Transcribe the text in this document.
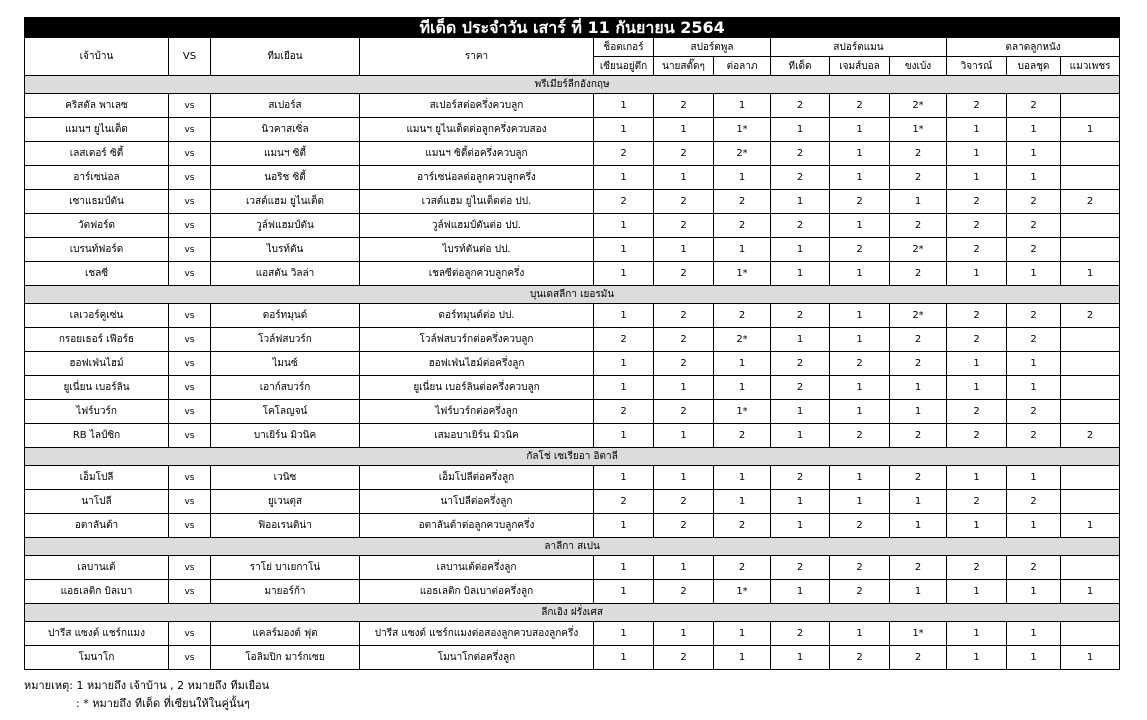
ทีเด็ด ประจำวัน เสาร์ ที่ 11 กันยายน 2564												
เจ้าบ้าน	VS	ทีมเยือน	ราคา	ช็อตเกอร์	สปอร์ตพูล		สปอร์ตแมน			ตลาดลูกหนัง		
				เซียนอยู่ตึก	นายสตั๊ดๆ	ต่อลาภ	ทีเด็ด	เจมส์บอล	ขงเบ้ง	วิจารณ์	บอลชุด	แมวเพชร
พรีเมียร์ลีกอังกฤษ												
คริสตัล พาเลซ	vs	สเปอร์ส	สเปอร์สต่อครึ่งควบลูก	1	2	1	2	2	2*	2	2	
แมนฯ ยูไนเต็ด	vs	นิวคาสเซิ่ล	แมนฯ ยูไนเต็ดต่อลูกครึ่งควบสอง	1	1	1*	1	1	1*	1	1	1
เลสเตอร์ ซิตี้	vs	แมนฯ ซิตี้	แมนฯ ซิตี้ต่อครึ่งควบลูก	2	2	2*	2	1	2	1	1	
อาร์เซน่อล	vs	นอริช ซิตี้	อาร์เซน่อลต่อลูกควบลูกครึ่ง	1	1	1	2	1	2	1	1	
เซาแธมป์ตัน	vs	เวสต์แฮม ยูไนเต็ด	เวสต์แฮม ยูไนเต็ดต่อ ปป.	2	2	2	1	2	1	2	2	2
วัตฟอร์ด	vs	วูล์ฟแฮมป์ตัน	วูล์ฟแฮมป์ตันต่อ ปป.	1	2	2	2	1	2	2	2	
เบรนท์ฟอร์ด	vs	ไบรท์ตัน	ไบรท์ตันต่อ ปป.	1	1	1	1	2	2*	2	2	
เชลซี	vs	แอสตัน วิลล่า	เชลซีต่อลูกควบลูกครึ่ง	1	2	1*	1	1	2	1	1	1
บุนเดสลีกา เยอรมัน												
เลเวอร์คูเซ่น	vs	ดอร์ทมุนด์	ดอร์ทมุนด์ต่อ ปป.	1	2	2	2	1	2*	2	2	2
กรอยเธอร์ เฟือร์ธ	vs	โวล์ฟสบวร์ก	โวล์ฟสบวร์กต่อครึ่งควบลูก	2	2	2*	1	1	2	2	2	
ฮอฟเฟ่นไฮม์	vs	ไมนซ์	ฮอฟเฟ่นไฮม์ต่อครึ่งลูก	1	2	1	2	2	2	1	1	
ยูเนี่ยน เบอร์ลิน	vs	เอาก์สบวร์ก	ยูเนี่ยน เบอร์ลินต่อครึ่งควบลูก	1	1	1	2	1	1	1	1	
ไฟร์บวร์ก	vs	โคโลญจน์	ไฟร์บวร์กต่อครึ่งลูก	2	2	1*	1	1	1	2	2	
RB ไลป์ซิก	vs	บาเยิร์น มิวนิค	เสมอบาเยิร์น มิวนิค	1	1	2	1	2	2	2	2	2
กัลโช่ เซเรียอา อิตาลี												
เอ็มโปลี	vs	เวนิซ	เอ็มโปลีต่อครึ่งลูก	1	1	1	2	1	2	1	1	
นาโปลี	vs	ยูเวนตุส	นาโปลีต่อครึ่งลูก	2	2	1	1	1	1	2	2	
อตาลันต้า	vs	ฟิออเรนติน่า	อตาลันต้าต่อลูกควบลูกครึ่ง	1	2	2	1	2	1	1	1	1
ลาลีกา สเปน												
เลบานเต้	vs	ราโย่ บาเยกาโน่	เลบานเต้ต่อครึ่งลูก	1	1	2	2	2	2	2	2	
แอธเลติก บิลเบา	vs	มายอร์ก้า	แอธเลติก บิลเบาต่อครึ่งลูก	1	2	1*	1	2	1	1	1	1
ลีกเอิง ฝรั่งเศส												
ปารีส แซงต์ แชร์กแมง	vs	แคลร์มองต์ ฟุต	ปารีส แซงต์ แชร์กแมงต่อสองลูกควบสองลูกครึ่ง	1	1	1	2	1	1*	1	1	
โมนาโก	vs	โอลิมปิก มาร์กเซย	โมนาโกต่อครึ่งลูก	1	2	1	1	2	2	1	1	1
หมายเหตุ: 1 หมายถึง เจ้าบ้าน , 2 หมายถึง ทีมเยือน
: * หมายถึง ทีเด็ด ที่เซียนให้ในคู่นั้นๆ
